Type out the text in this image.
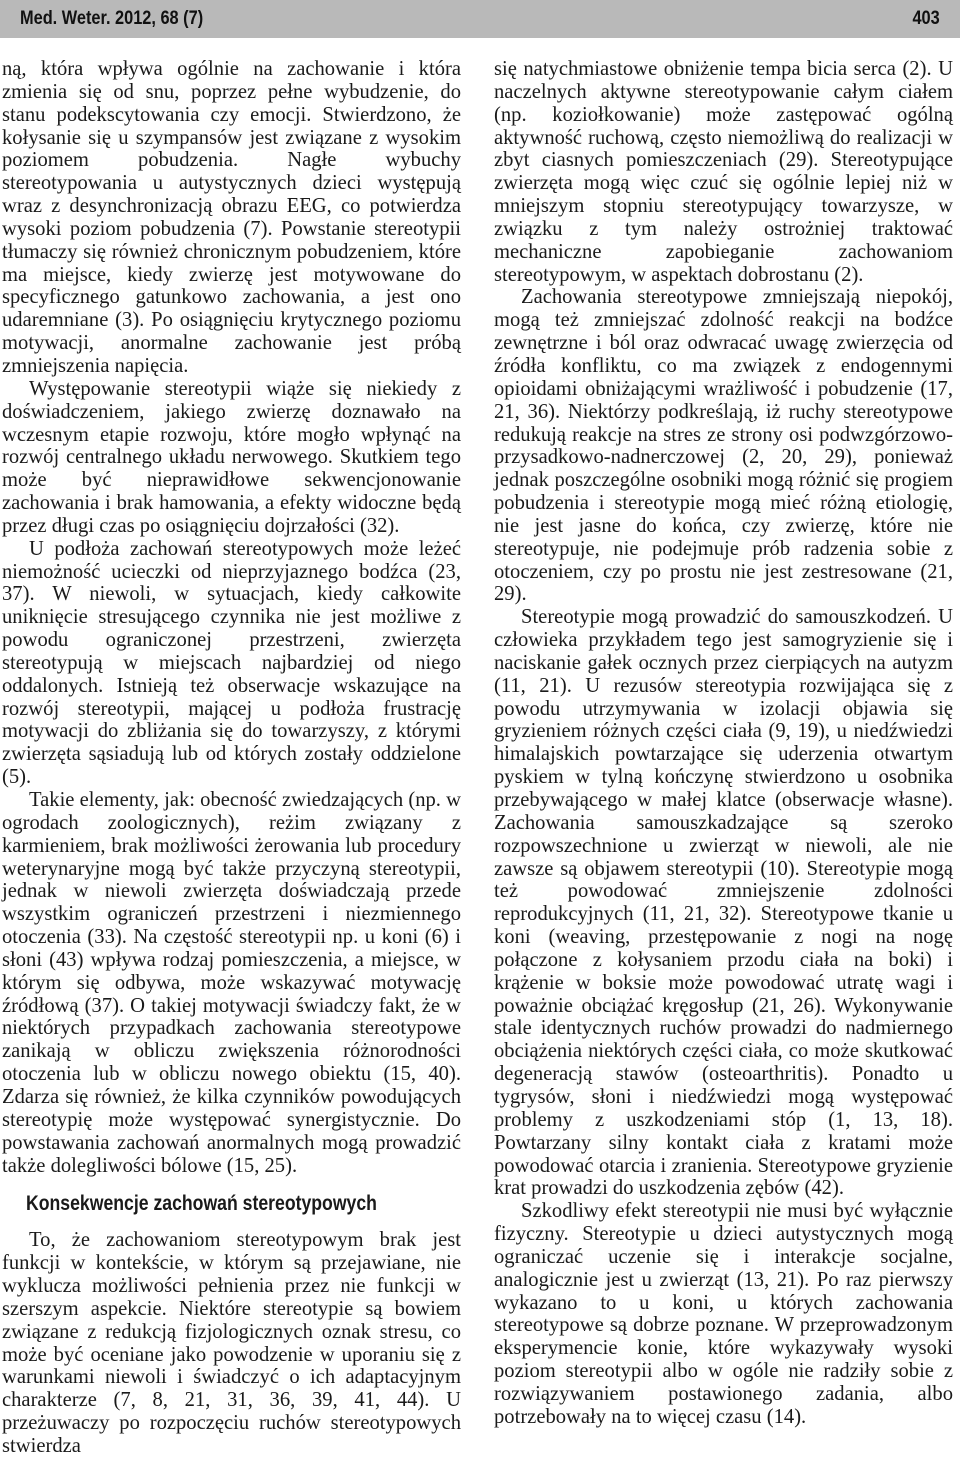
Med. Weter. 2012, 68 (7)	403

ną, która wpływa ogólnie na zachowanie i która zmienia się od snu, poprzez pełne wybudzenie, do stanu podekscytowania czy emocji. Stwierdzono, że kołysanie się u szympansów jest związane z wysokim poziomem pobudzenia. Nagłe wybuchy stereotypowania u autystycznych dzieci występują wraz z desynchronizacją obrazu EEG, co potwierdza wysoki poziom pobudzenia (7). Powstanie stereotypii tłumaczy się również chronicznym pobudzeniem, które ma miejsce, kiedy zwierzę jest motywowane do specyficznego gatunkowo zachowania, a jest ono udaremniane (3). Po osiągnięciu krytycznego poziomu motywacji, anormalne zachowanie jest próbą zmniejszenia napięcia.

Występowanie stereotypii wiąże się niekiedy z doświadczeniem, jakiego zwierzę doznawało na wczesnym etapie rozwoju, które mogło wpłynąć na rozwój centralnego układu nerwowego. Skutkiem tego może być nieprawidłowe sekwencjonowanie zachowania i brak hamowania, a efekty widoczne będą przez długi czas po osiągnięciu dojrzałości (32).

U podłoża zachowań stereotypowych może leżeć niemożność ucieczki od nieprzyjaznego bodźca (23, 37). W niewoli, w sytuacjach, kiedy całkowite uniknięcie stresującego czynnika nie jest możliwe z powodu ograniczonej przestrzeni, zwierzęta stereotypują w miejscach najbardziej od niego oddalonych. Istnieją też obserwacje wskazujące na rozwój stereotypii, mającej u podłoża frustrację motywacji do zbliżania się do towarzyszy, z którymi zwierzęta sąsiadują lub od których zostały oddzielone (5).

Takie elementy, jak: obecność zwiedzających (np. w ogrodach zoologicznych), reżim związany z karmieniem, brak możliwości żerowania lub procedury weterynaryjne mogą być także przyczyną stereotypii, jednak w niewoli zwierzęta doświadczają przede wszystkim ograniczeń przestrzeni i niezmiennego otoczenia (33). Na częstość stereotypii np. u koni (6) i słoni (43) wpływa rodzaj pomieszczenia, a miejsce, w którym się odbywa, może wskazywać motywację źródłową (37). O takiej motywacji świadczy fakt, że w niektórych przypadkach zachowania stereotypowe zanikają w obliczu zwiększenia różnorodności otoczenia lub w obliczu nowego obiektu (15, 40). Zdarza się również, że kilka czynników powodujących stereotypię może występować synergistycznie. Do powstawania zachowań anormalnych mogą prowadzić także dolegliwości bólowe (15, 25).

Konsekwencje zachowań stereotypowych

To, że zachowaniom stereotypowym brak jest funkcji w kontekście, w którym są przejawiane, nie wyklucza możliwości pełnienia przez nie funkcji w szerszym aspekcie. Niektóre stereotypie są bowiem związane z redukcją fizjologicznych oznak stresu, co może być oceniane jako powodzenie w uporaniu się z warunkami niewoli i świadczyć o ich adaptacyjnym charakterze (7, 8, 21, 31, 36, 39, 41, 44). U przeżuwaczy po rozpoczęciu ruchów stereotypowych stwierdza

się natychmiastowe obniżenie tempa bicia serca (2). U naczelnych aktywne stereotypowanie całym ciałem (np. koziołkowanie) może zastępować ogólną aktywność ruchową, często niemożliwą do realizacji w zbyt ciasnych pomieszczeniach (29). Stereotypujące zwierzęta mogą więc czuć się ogólnie lepiej niż w mniejszym stopniu stereotypujący towarzysze, w związku z tym należy ostrożniej traktować mechaniczne zapobieganie zachowaniom stereotypowym, w aspektach dobrostanu (2).

Zachowania stereotypowe zmniejszają niepokój, mogą też zmniejszać zdolność reakcji na bodźce zewnętrzne i ból oraz odwracać uwagę zwierzęcia od źródła konfliktu, co ma związek z endogennymi opioidami obniżającymi wrażliwość i pobudzenie (17, 21, 36). Niektórzy podkreślają, iż ruchy stereotypowe redukują reakcje na stres ze strony osi podwzgórzowo-przysadkowo-nadnerczowej (2, 20, 29), ponieważ jednak poszczególne osobniki mogą różnić się progiem pobudzenia i stereotypie mogą mieć różną etiologię, nie jest jasne do końca, czy zwierzę, które nie stereotypuje, nie podejmuje prób radzenia sobie z otoczeniem, czy po prostu nie jest zestresowane (21, 29).

Stereotypie mogą prowadzić do samouszkodzeń. U człowieka przykładem tego jest samogryzienie się i naciskanie gałek ocznych przez cierpiących na autyzm (11, 21). U rezusów stereotypia rozwijająca się z powodu utrzymywania w izolacji objawia się gryzieniem różnych części ciała (9, 19), u niedźwiedzi himalajskich powtarzające się uderzenia otwartym pyskiem w tylną kończynę stwierdzono u osobnika przebywającego w małej klatce (obserwacje własne). Zachowania samouszkadzające są szeroko rozpowszechnione u zwierząt w niewoli, ale nie zawsze są objawem stereotypii (10). Stereotypie mogą też powodować zmniejszenie zdolności reprodukcyjnych (11, 21, 32). Stereotypowe tkanie u koni (weaving, przestępowanie z nogi na nogę połączone z kołysaniem przodu ciała na boki) i krążenie w boksie może powodować utratę wagi i poważnie obciążać kręgosłup (21, 26). Wykonywanie stale identycznych ruchów prowadzi do nadmiernego obciążenia niektórych części ciała, co może skutkować degeneracją stawów (osteoarthritis). Ponadto u tygrysów, słoni i niedźwiedzi mogą występować problemy z uszkodzeniami stóp (1, 13, 18). Powtarzany silny kontakt ciała z kratami może powodować otarcia i zranienia. Stereotypowe gryzienie krat prowadzi do uszkodzenia zębów (42).

Szkodliwy efekt stereotypii nie musi być wyłącznie fizyczny. Stereotypie u dzieci autystycznych mogą ograniczać uczenie się i interakcje socjalne, analogicznie jest u zwierząt (13, 21). Po raz pierwszy wykazano to u koni, u których zachowania stereotypowe są dobrze poznane. W przeprowadzonym eksperymencie konie, które wykazywały wysoki poziom stereotypii albo w ogóle nie radziły sobie z rozwiązywaniem postawionego zadania, albo potrzebowały na to więcej czasu (14).
